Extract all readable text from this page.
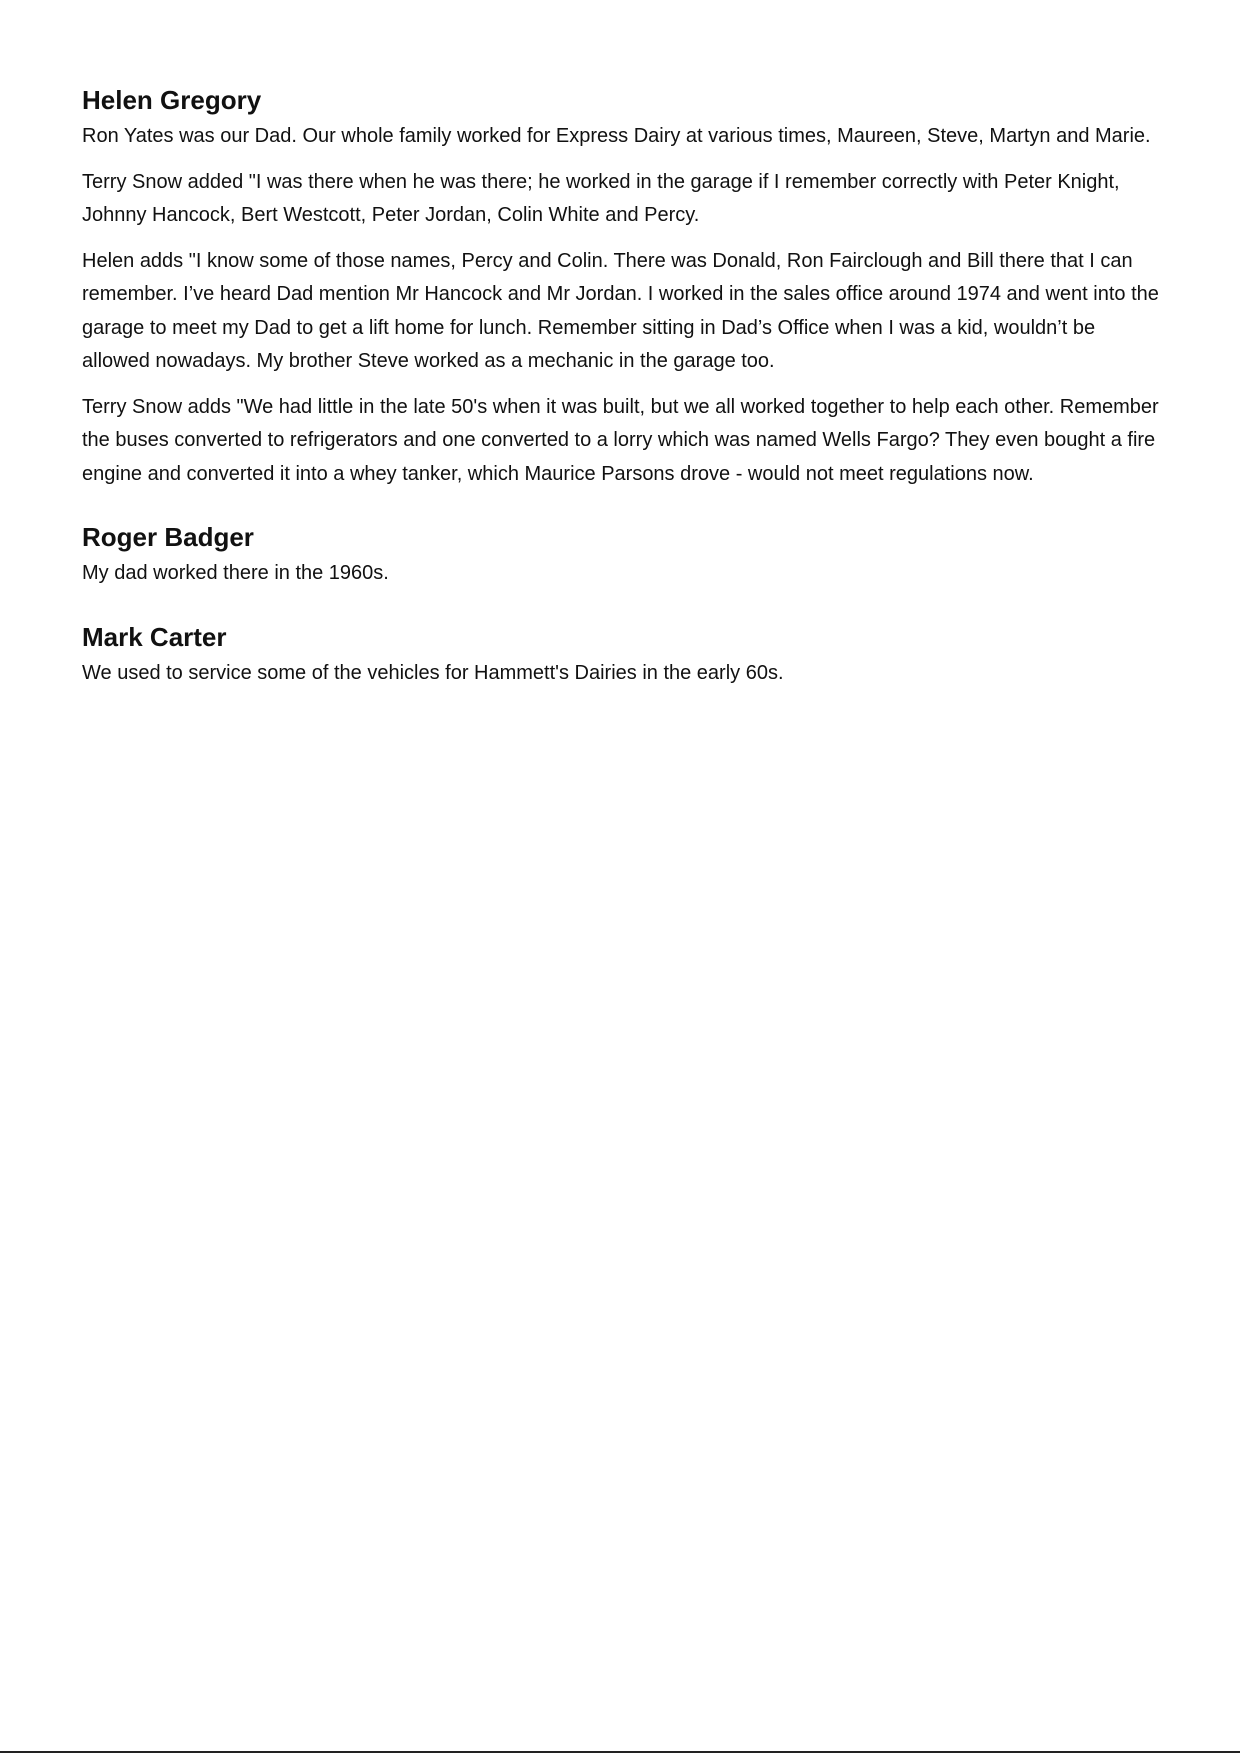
Helen Gregory

Ron Yates was our Dad. Our whole family worked for Express Dairy at various times, Maureen, Steve, Martyn and Marie.

Terry Snow added "I was there when he was there; he worked in the garage if I remember correctly with Peter Knight, Johnny Hancock, Bert Westcott, Peter Jordan, Colin White and Percy.

Helen adds "I know some of those names, Percy and Colin. There was Donald, Ron Fairclough and Bill there that I can remember. I’ve heard Dad mention Mr Hancock and Mr Jordan. I worked in the sales office around 1974 and went into the garage to meet my Dad to get a lift home for lunch. Remember sitting in Dad’s Office when I was a kid, wouldn’t be allowed nowadays. My brother Steve worked as a mechanic in the garage too.

Terry Snow adds "We had little in the late 50's when it was built, but we all worked together to help each other. Remember the buses converted to refrigerators and one converted to a lorry which was named Wells Fargo? They even bought a fire engine and converted it into a whey tanker, which Maurice Parsons drove - would not meet regulations now.

Roger Badger

My dad worked there in the 1960s.

Mark Carter

We used to service some of the vehicles for Hammett's Dairies in the early 60s.
